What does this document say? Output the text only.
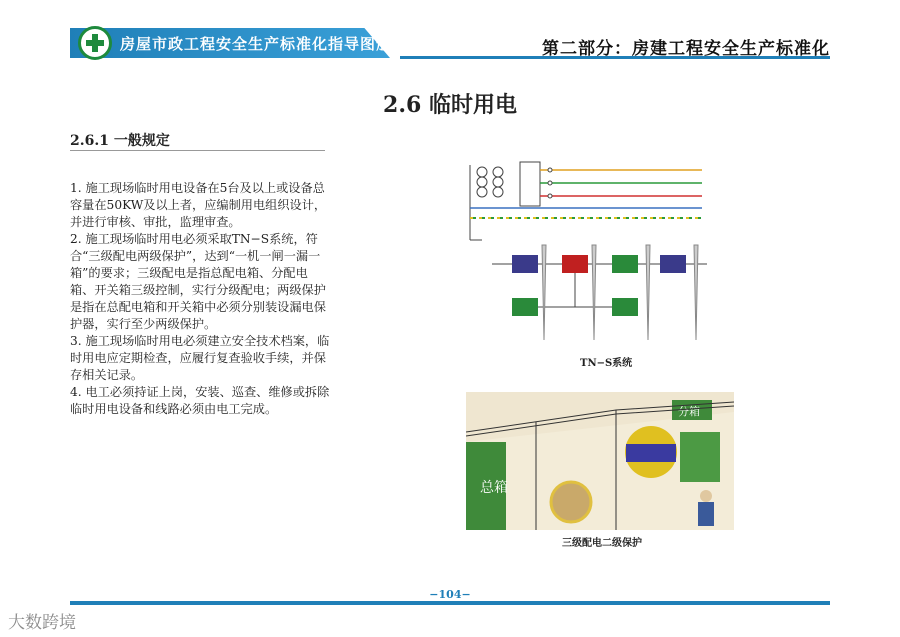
房屋市政工程安全生产标准化指导图册	第二部分：房建工程安全生产标准化
2.6 临时用电
2.6.1 一般规定
1. 施工现场临时用电设备在5台及以上或设备总容量在50KW及以上者，应编制用电组织设计，并进行审核、审批，监理审查。
2. 施工现场临时用电必须采取TN−S系统，符合“三级配电两级保护”，达到“一机一闸一漏一箱”的要求；三级配电是指总配电箱、分配电箱、开关箱三级控制，实行分级配电；两级保护是指在总配电箱和开关箱中必须分别装设漏电保护器，实行至少两级保护。
3. 施工现场临时用电必须建立安全技术档案，临时用电应定期检查，应履行复查验收手续，并保存相关记录。
4. 电工必须持证上岗，安装、巡查、维修或拆除临时用电设备和线路必须由电工完成。
TN−S系统
总箱
分箱
三级配电二级保护
−104−
大数跨境
